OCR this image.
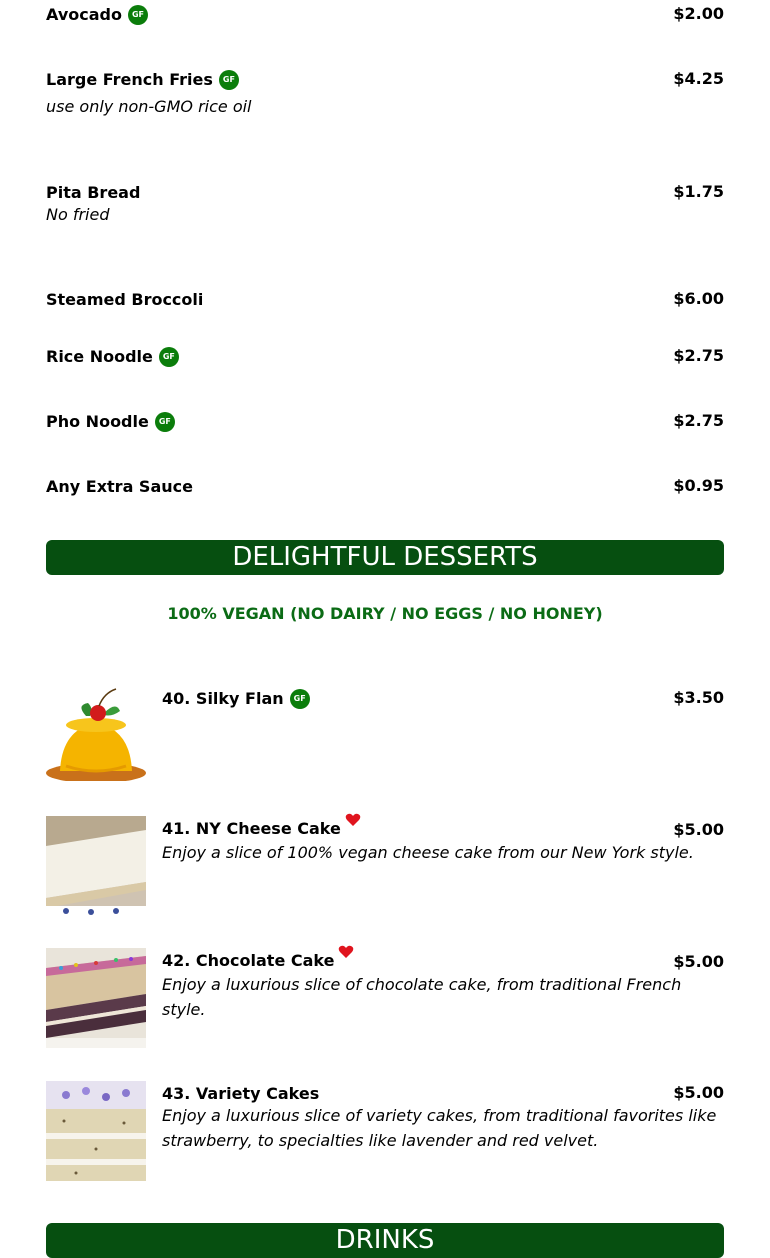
Avocado GF	$2.00
Large French Fries GF	$4.25
use only non-GMO rice oil
Pita Bread	$1.75
No fried
Steamed Broccoli	$6.00
Rice Noodle GF	$2.75
Pho Noodle GF	$2.75
Any Extra Sauce	$0.95
DELIGHTFUL DESSERTS
100% VEGAN (NO DAIRY / NO EGGS / NO HONEY)
40. Silky Flan GF	$3.50
41. NY Cheese Cake	$5.00
Enjoy a slice of 100% vegan cheese cake from our New York style.
42. Chocolate Cake	$5.00
Enjoy a luxurious slice of chocolate cake, from traditional French style.
43. Variety Cakes	$5.00
Enjoy a luxurious slice of variety cakes, from traditional favorites like strawberry, to specialties like lavender and red velvet.
DRINKS
